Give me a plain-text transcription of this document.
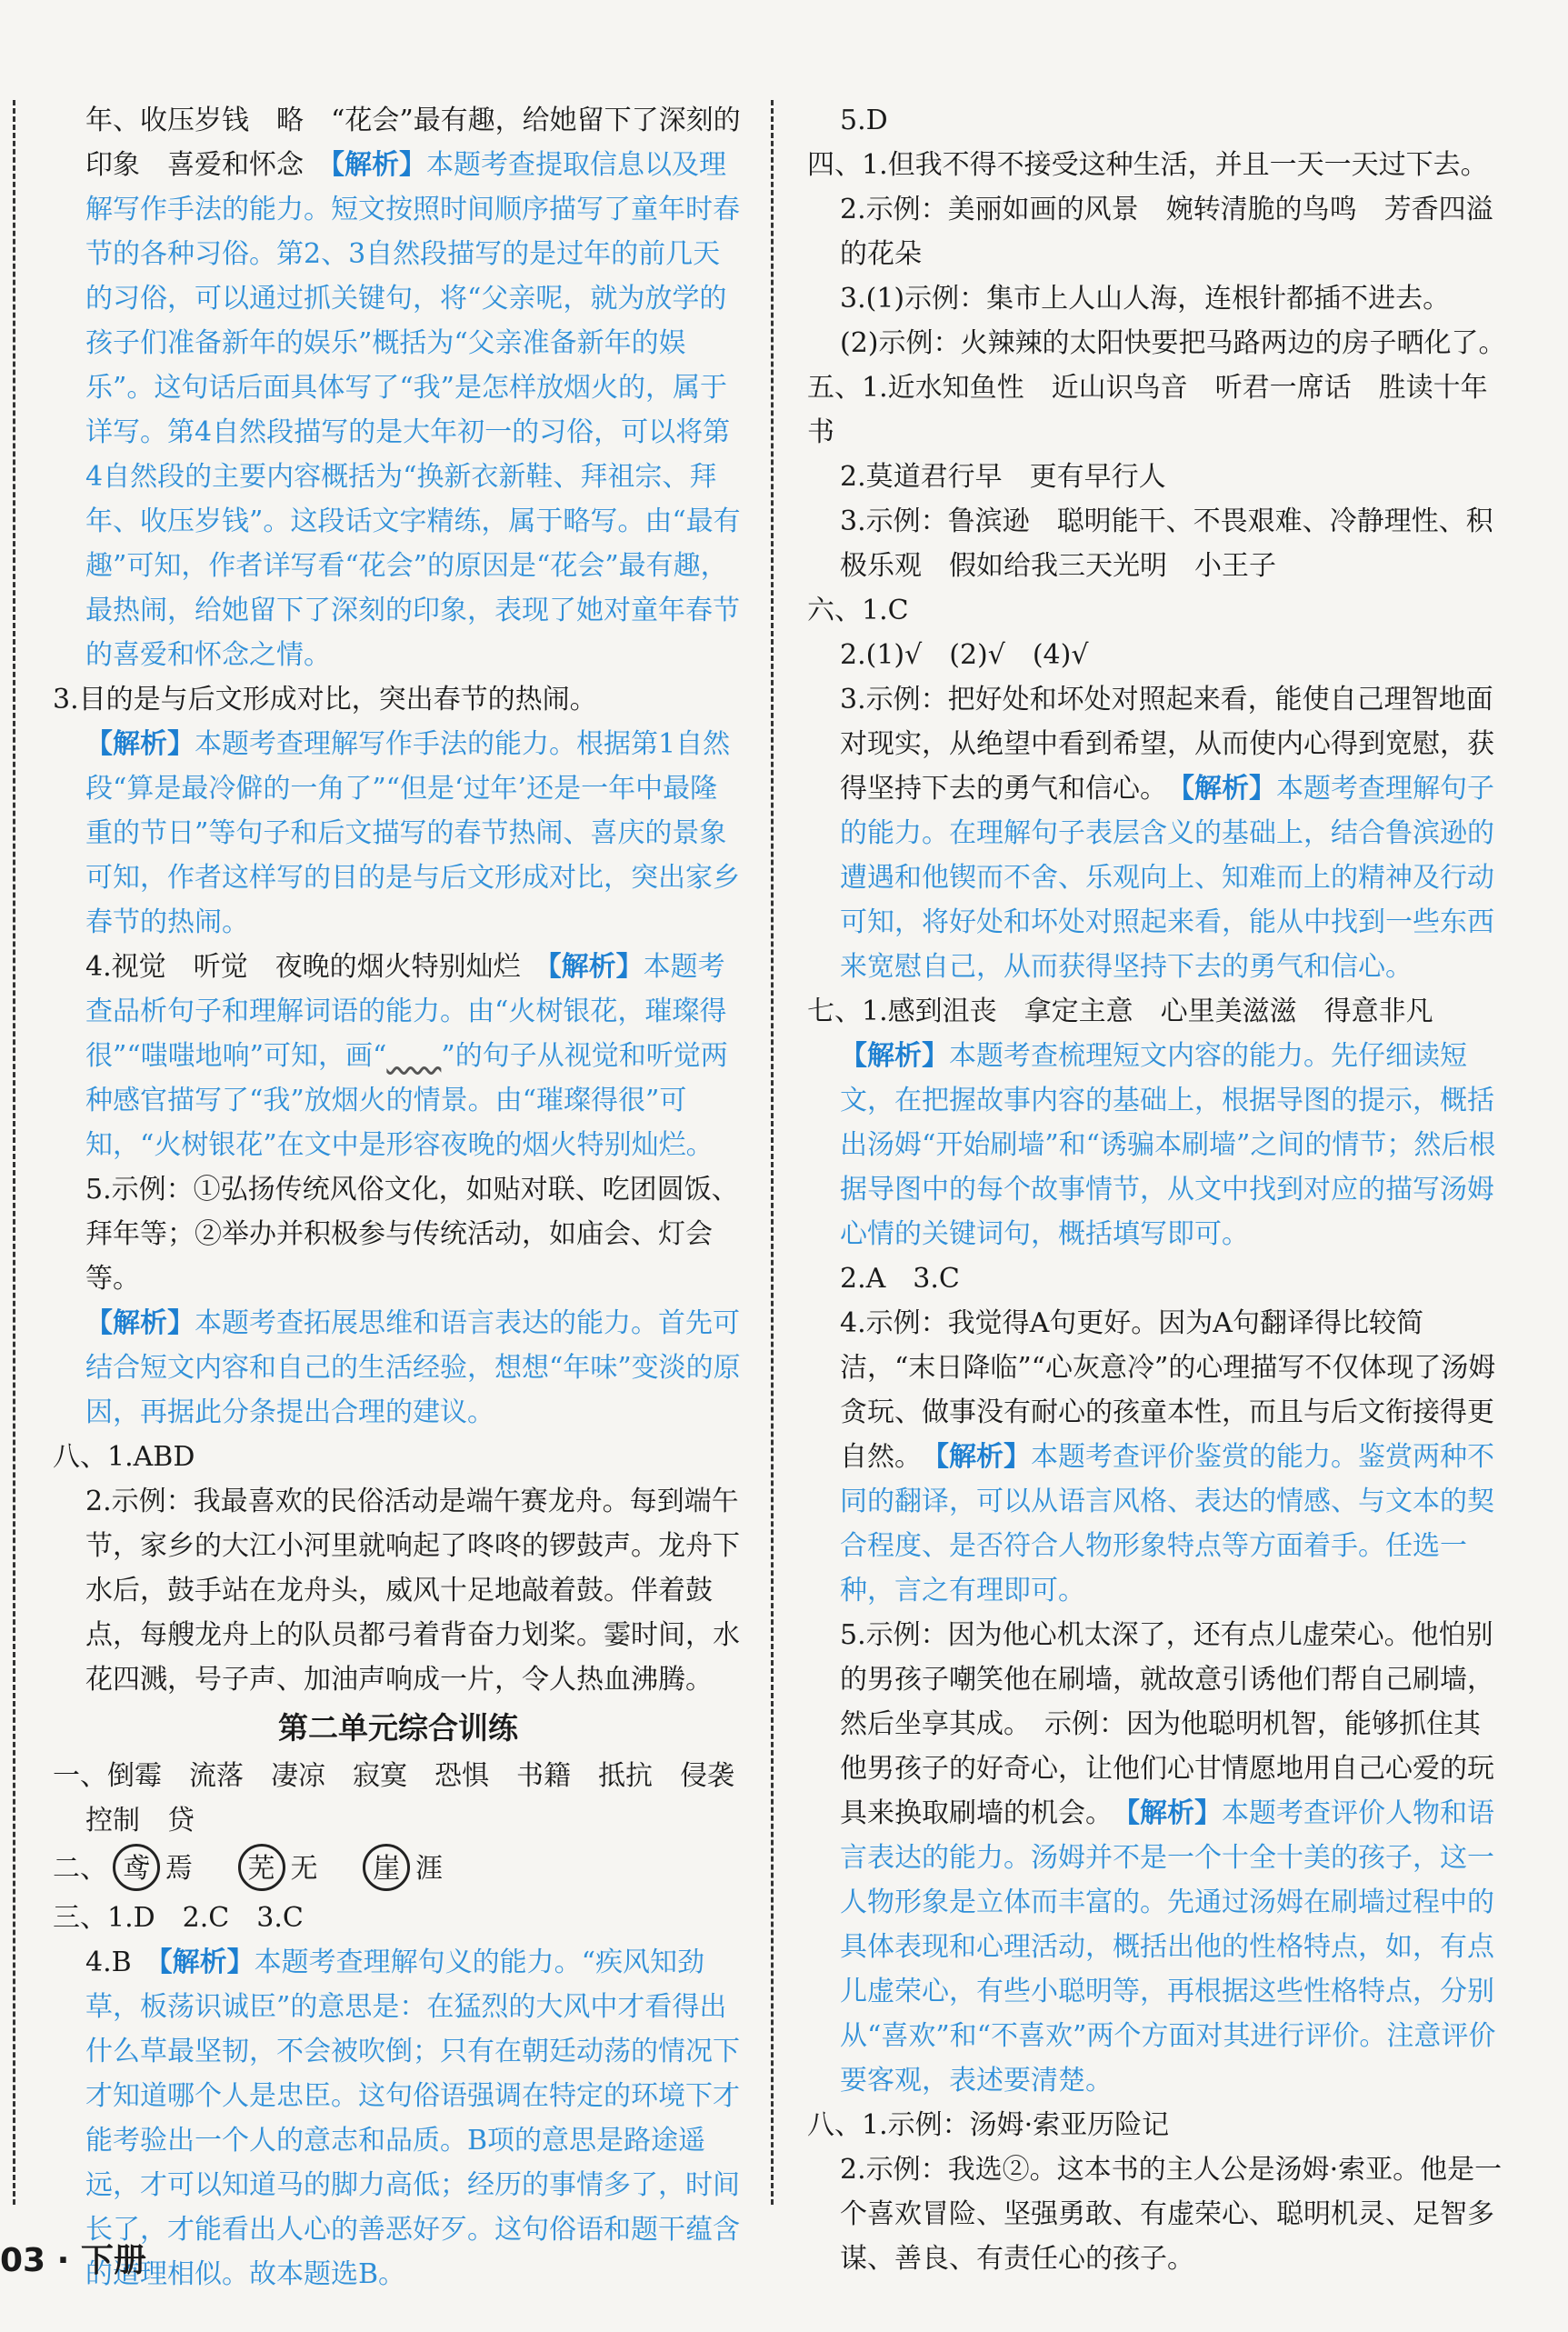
年、收压岁钱　略　“花会”最有趣，给她留下了深刻的

印象　喜爱和怀念　【解析】本题考查提取信息以及理解写作手法的能力。短文按照时间顺序描写了童年时春节的各种习俗。第2、3自然段描写的是过年的前几天的习俗，可以通过抓关键句，将“父亲呢，就为放学的孩子们准备新年的娱乐”概括为“父亲准备新年的娱乐”。这句话后面具体写了“我”是怎样放烟火的，属于详写。第4自然段描写的是大年初一的习俗，可以将第4自然段的主要内容概括为“换新衣新鞋、拜祖宗、拜年、收压岁钱”。这段话文字精练，属于略写。由“最有趣”可知，作者详写看“花会”的原因是“花会”最有趣，最热闹，给她留下了深刻的印象，表现了她对童年春节的喜爱和怀念之情。

3.目的是与后文形成对比，突出春节的热闹。

【解析】本题考查理解写作手法的能力。根据第1自然段“算是最冷僻的一角了”“但是‘过年’还是一年中最隆重的节日”等句子和后文描写的春节热闹、喜庆的景象可知，作者这样写的目的是与后文形成对比，突出家乡春节的热闹。

4.视觉　听觉　夜晚的烟火特别灿烂　【解析】本题考查品析句子和理解词语的能力。由“火树银花，璀璨得很”“嗤嗤地响”可知，画“　　 ”的句子从视觉和听觉两种感官描写了“我”放烟火的情景。由“璀璨得很”可知，“火树银花”在文中是形容夜晚的烟火特别灿烂。

5.示例：①弘扬传统风俗文化，如贴对联、吃团圆饭、拜年等；②举办并积极参与传统活动，如庙会、灯会等。

【解析】本题考查拓展思维和语言表达的能力。首先可结合短文内容和自己的生活经验，想想“年味”变淡的原因，再据此分条提出合理的建议。

八、1.ABD

2.示例：我最喜欢的民俗活动是端午赛龙舟。每到端午节，家乡的大江小河里就响起了咚咚的锣鼓声。龙舟下水后，鼓手站在龙舟头，威风十足地敲着鼓。伴着鼓点，每艘龙舟上的队员都弓着背奋力划桨。霎时间，水花四溅，号子声、加油声响成一片，令人热血沸腾。

第二单元综合训练

一、倒霉　流落　凄凉　寂寞　恐惧　书籍　抵抗　侵袭

控制　贷

二、 鸢 焉 芜 无 崖 涯

三、1.D　2.C　3.C

4.B　【解析】本题考查理解句义的能力。“疾风知劲草，板荡识诚臣”的意思是：在猛烈的大风中才看得出什么草最坚韧，不会被吹倒；只有在朝廷动荡的情况下才知道哪个人是忠臣。这句俗语强调在特定的环境下才能考验出一个人的意志和品质。B项的意思是路途遥远，才可以知道马的脚力高低；经历的事情多了，时间长了，才能看出人心的善恶好歹。这句俗语和题干蕴含的道理相似。故本题选B。

5.D

四、1.但我不得不接受这种生活，并且一天一天过下去。

2.示例：美丽如画的风景　婉转清脆的鸟鸣　芳香四溢的花朵

3.(1)示例：集市上人山人海，连根针都插不进去。

(2)示例：火辣辣的太阳快要把马路两边的房子晒化了。

五、1.近水知鱼性　近山识鸟音　听君一席话　胜读十年书

2.莫道君行早　更有早行人

3.示例：鲁滨逊　聪明能干、不畏艰难、冷静理性、积极乐观　假如给我三天光明　小王子

六、1.C

2.(1)√　(2)√　(4)√

3.示例：把好处和坏处对照起来看，能使自己理智地面对现实，从绝望中看到希望，从而使内心得到宽慰，获得坚持下去的勇气和信心。　【解析】本题考查理解句子的能力。在理解句子表层含义的基础上，结合鲁滨逊的遭遇和他锲而不舍、乐观向上、知难而上的精神及行动可知，将好处和坏处对照起来看，能从中找到一些东西来宽慰自己，从而获得坚持下去的勇气和信心。

七、1.感到沮丧　拿定主意　心里美滋滋　得意非凡

【解析】本题考查梳理短文内容的能力。先仔细读短文，在把握故事内容的基础上，根据导图的提示，概括出汤姆“开始刷墙”和“诱骗本刷墙”之间的情节；然后根据导图中的每个故事情节，从文中找到对应的描写汤姆心情的关键词句，概括填写即可。

2.A　3.C

4.示例：我觉得A句更好。因为A句翻译得比较简洁，“末日降临”“心灰意冷”的心理描写不仅体现了汤姆贪玩、做事没有耐心的孩童本性，而且与后文衔接得更自然。　【解析】本题考查评价鉴赏的能力。鉴赏两种不同的翻译，可以从语言风格、表达的情感、与文本的契合程度、是否符合人物形象特点等方面着手。任选一种，言之有理即可。

5.示例：因为他心机太深了，还有点儿虚荣心。他怕别的男孩子嘲笑他在刷墙，就故意引诱他们帮自己刷墙，然后坐享其成。　示例：因为他聪明机智，能够抓住其他男孩子的好奇心，让他们心甘情愿地用自己心爱的玩具来换取刷墙的机会。　【解析】本题考查评价人物和语言表达的能力。汤姆并不是一个十全十美的孩子，这一人物形象是立体而丰富的。先通过汤姆在刷墙过程中的具体表现和心理活动，概括出他的性格特点，如，有点儿虚荣心，有些小聪明等，再根据这些性格特点，分别从“喜欢”和“不喜欢”两个方面对其进行评价。注意评价要客观，表述要清楚。

八、1.示例：汤姆·索亚历险记

2.示例：我选②。这本书的主人公是汤姆·索亚。他是一个喜欢冒险、坚强勇敢、有虚荣心、聪明机灵、足智多谋、善良、有责任心的孩子。

03 · 下册
